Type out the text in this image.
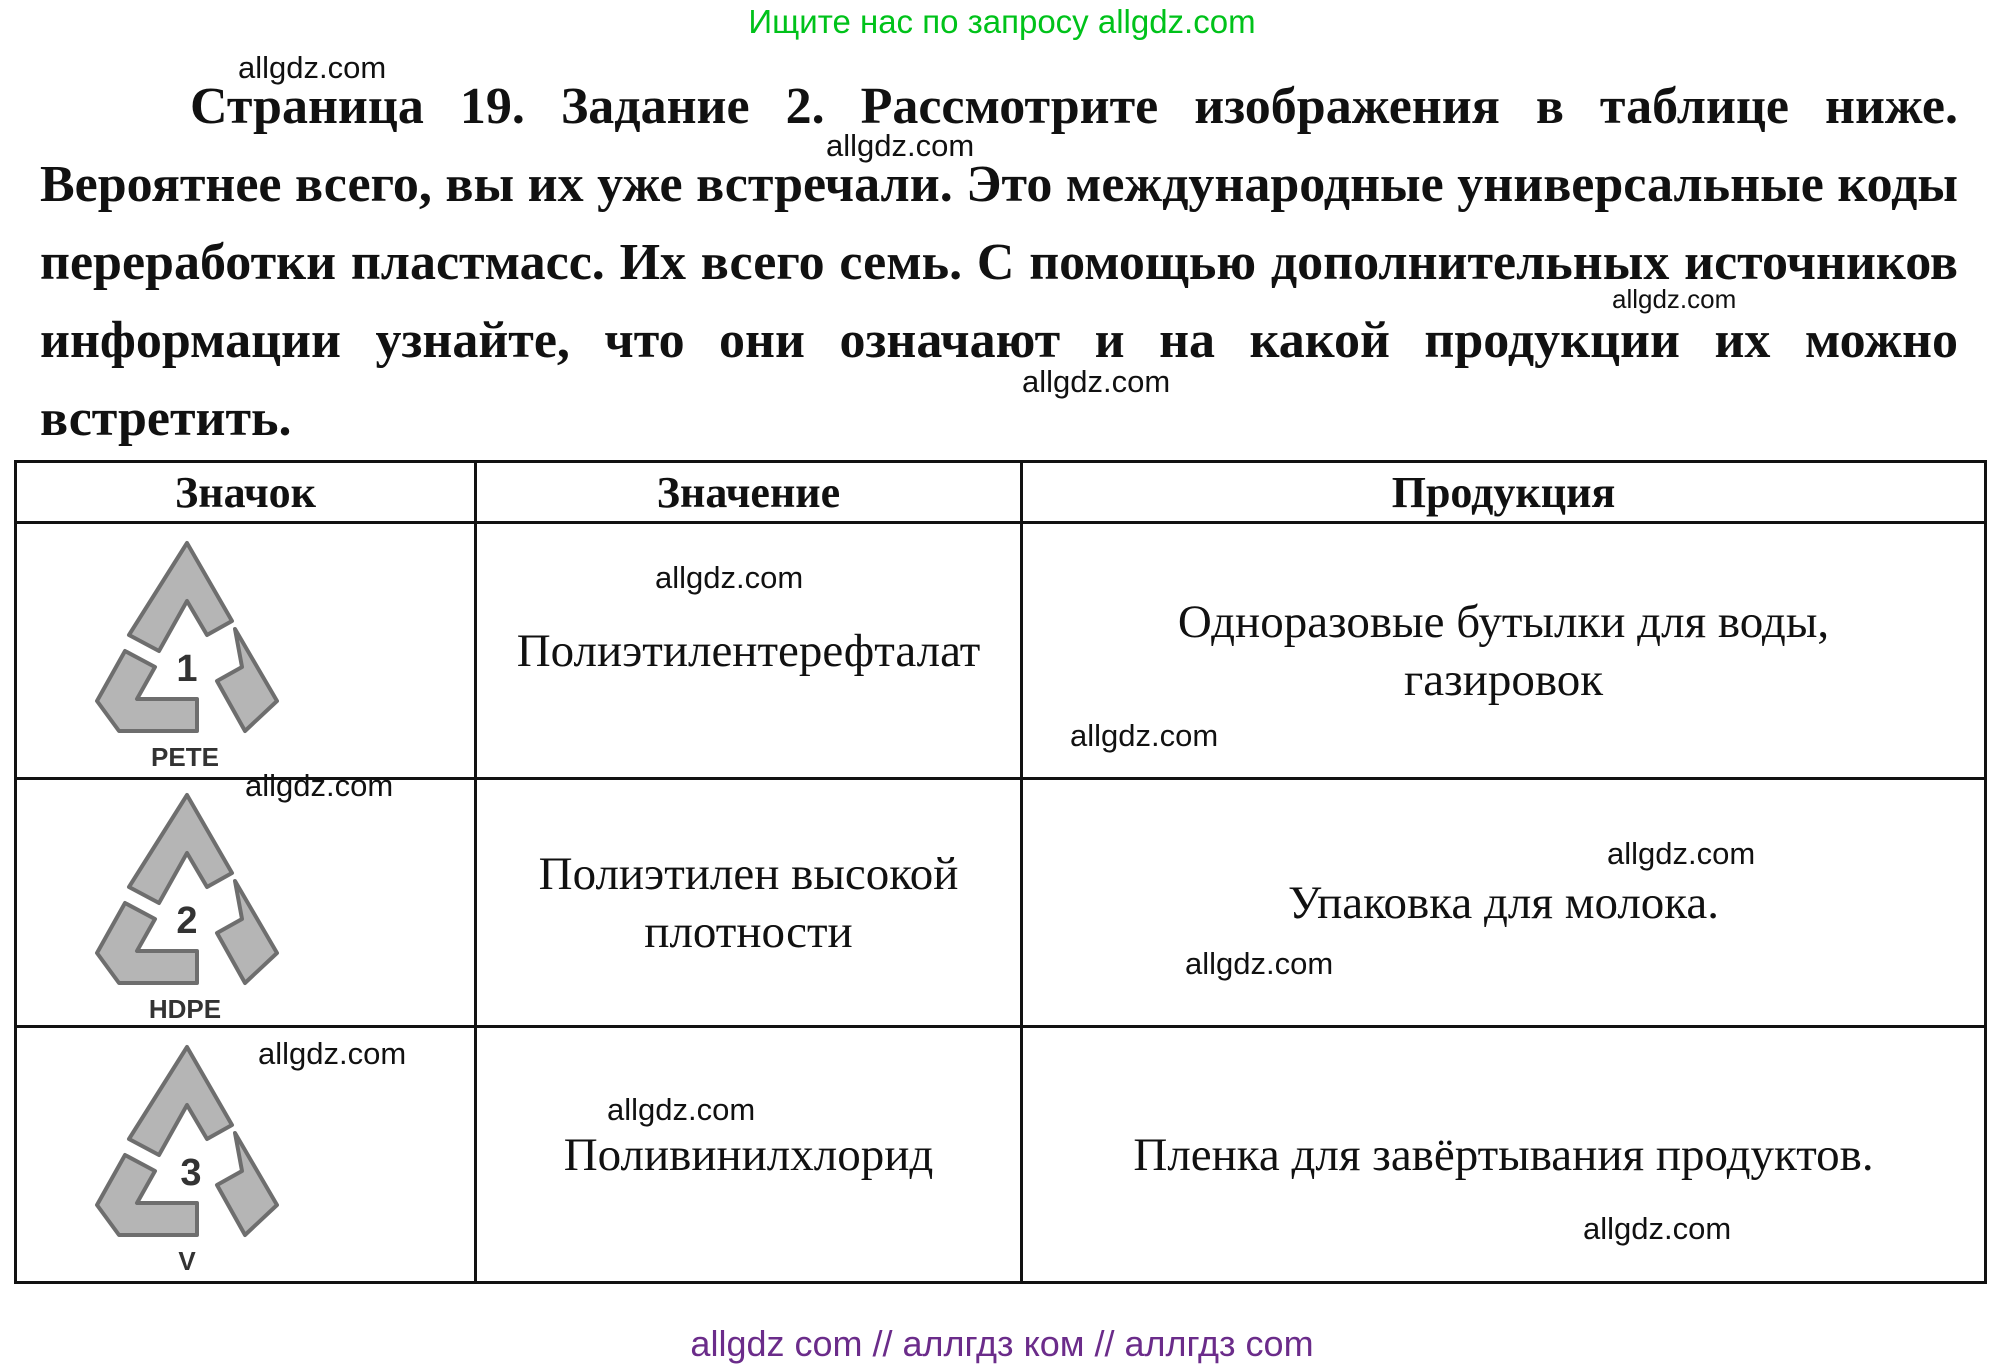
Ищите нас по запросу allgdz.com

Страница 19. Задание 2. Рассмотрите изображения в таблице ниже. Вероятнее всего, вы их уже встречали. Это международные универсальные коды переработки пластмасс. Их всего семь. С помощью дополнительных источников информации узнайте, что они означают и на какой продукции их можно встретить.

Значок	Значение	Продукция

1
PETE	Полиэтилентерефталат	Одноразовые бутылки для воды, газировок

2
HDPE	Полиэтилен высокой плотности	Упаковка для молока.

3
V	Поливинилхлорид	Пленка для завёртывания продуктов.
allgdz.com
allgdz.com
allgdz.com
allgdz.com
allgdz.com
allgdz.com
allgdz.com
allgdz.com
allgdz.com
allgdz.com
allgdz.com
allgdz.com
allgdz com // аллгдз ком // аллгдз com
